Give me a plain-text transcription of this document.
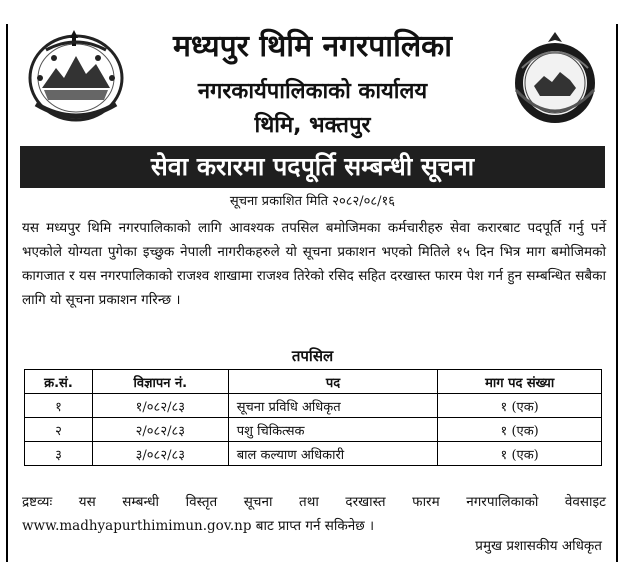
मध्यपुर थिमि नगरपालिका
नगरकार्यपालिकाको कार्यालय
थिमि, भक्तपुर
सेवा करारमा पदपूर्ति सम्बन्धी सूचना
सूचना प्रकाशित मिति २०८२/०८/१६
यस मध्यपुर थिमि नगरपालिकाको लागि आवश्यक तपसिल बमोजिमका कर्मचारीहरु सेवा करारबाट पदपूर्ति गर्नु पर्ने भएकोले योग्यता पुगेका इच्छुक नेपाली नागरीकहरुले यो सूचना प्रकाशन भएको मितिले १५ दिन भित्र माग बमोजिमको कागजात र यस नगरपालिकाको राजश्व शाखामा राजश्व तिरेको रसिद सहित दरखास्त फारम पेश गर्न हुन सम्बन्धित सबैका लागि यो सूचना प्रकाशन गरिन्छ ।
तपसिल
क्र.सं.	विज्ञापन नं.	पद	माग पद संख्या
१	१/०८२/८३	सूचना प्रविधि अधिकृत	१ (एक)
२	२/०८२/८३	पशु चिकित्सक	१ (एक)
३	३/०८२/८३	बाल कल्याण अधिकारी	१ (एक)
द्रष्टव्यः यस सम्बन्धी विस्तृत सूचना तथा दरखास्त फारम नगरपालिकाको वेवसाइट www.madhyapurthimimun.gov.np बाट प्राप्त गर्न सकिनेछ ।
प्रमुख प्रशासकीय अधिकृत
